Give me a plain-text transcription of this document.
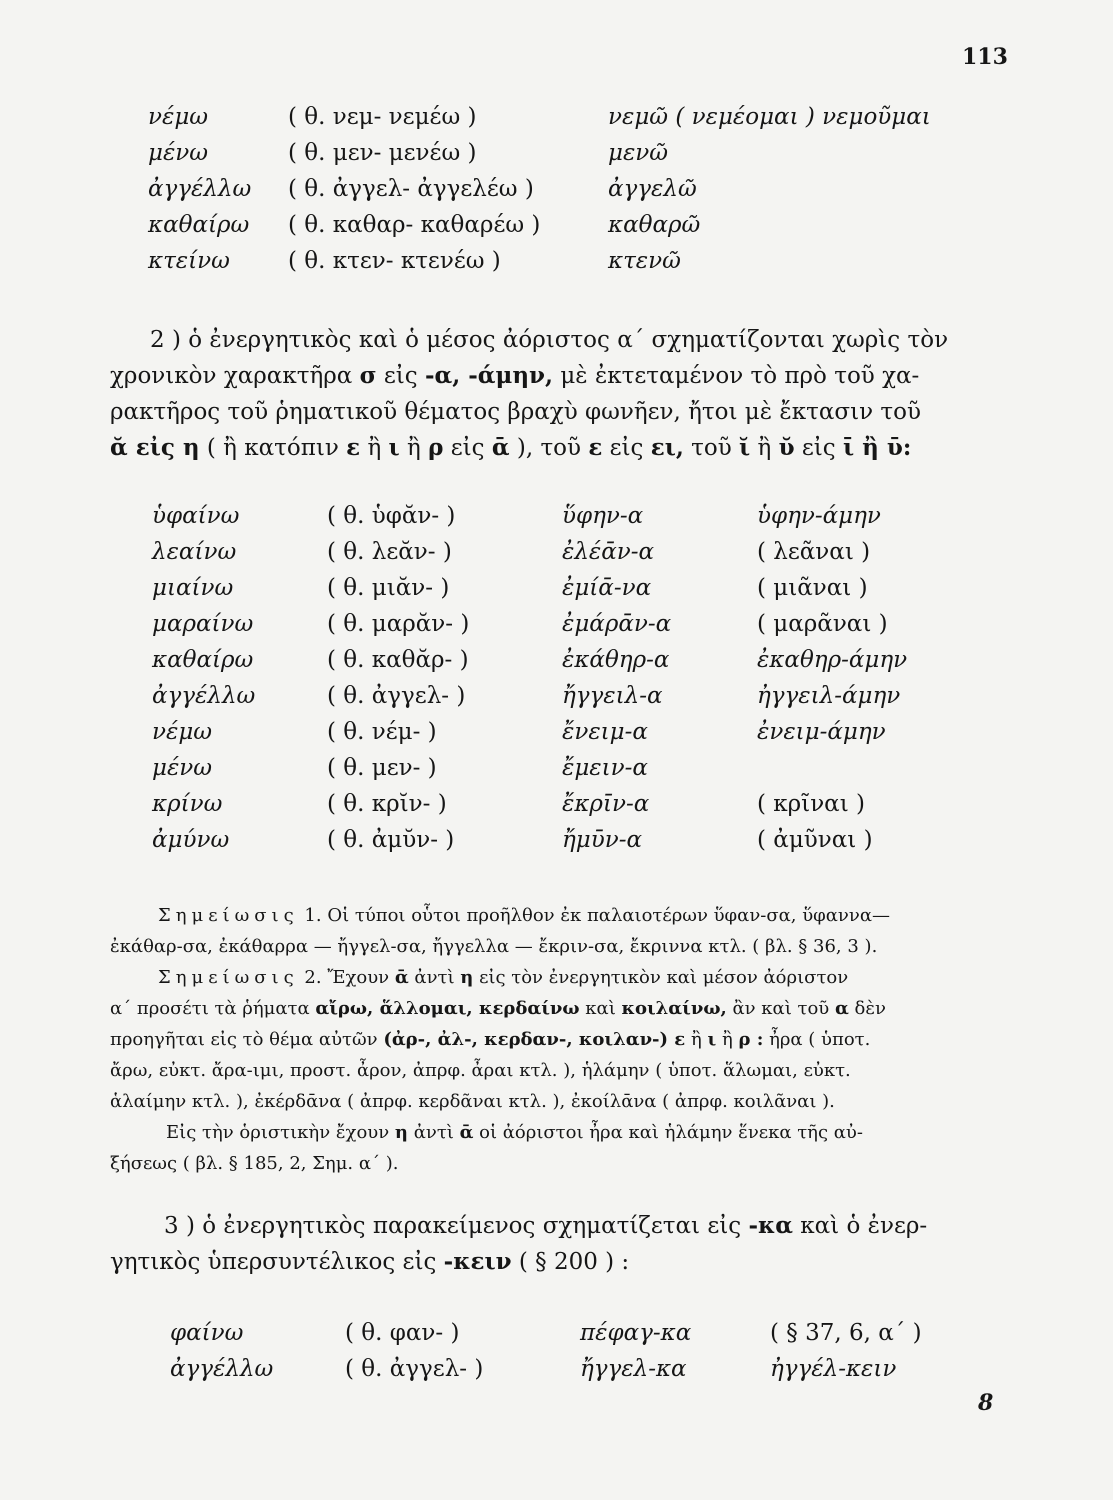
113
νέμω	( θ. νεμ- νεμέω )	νεμῶ ( νεμέομαι ) νεμοῦμαι
μένω	( θ. μεν- μενέω )	μενῶ
ἀγγέλλω ( θ. ἀγγελ- ἀγγελέω )	ἀγγελῶ
καθαίρω ( θ. καθαρ- καθαρέω )	καθαρῶ
κτείνω	( θ. κτεν- κτενέω )	κτενῶ

2 ) ὁ ἐνεργητικὸς καὶ ὁ μέσος ἀόριστος α΄ σχηματίζονται χωρὶς τὸν

χρονικὸν χαρακτῆρα σ εἰς -α, -άμην, μὲ ἐκτεταμένον τὸ πρὸ τοῦ χα-

ρακτῆρος τοῦ ῥηματικοῦ θέματος βραχὺ φωνῆεν, ἤτοι μὲ ἔκτασιν τοῦ

ᾰ εἰς η ( ἢ κατόπιν ε ἢ ι ἢ ρ εἰς ᾱ ), τοῦ ε εἰς ει, τοῦ ῐ ἢ ῠ εἰς ῑ ἢ ῡ:

ὑφαίνω	( θ. ὑφᾰν- )	ὕφην-α	ὑφην-άμην
λεαίνω	( θ. λεᾰν- )	ἐλέᾱν-α	( λεᾶναι )
μιαίνω	( θ. μιᾰν- )	ἐμίᾱ-να	( μιᾶναι )
μαραίνω	( θ. μαρᾰν- )	ἐμάρᾱν-α	( μαρᾶναι )
καθαίρω	( θ. καθᾰρ- )	ἐκάθηρ-α	ἐκαθηρ-άμην
ἀγγέλλω	( θ. ἀγγελ- )	ἤγγειλ-α	ἠγγειλ-άμην
νέμω	( θ. νέμ- )	ἔνειμ-α	ἐνειμ-άμην
μένω	( θ. μεν- )	ἔμειν-α
κρίνω	( θ. κρῐν- )	ἔκρῑν-α	( κρῖναι )
ἀμύνω	( θ. ἀμῠν- )	ἤμῡν-α	( ἀμῦναι )

Σημείωσις 1. Οἱ τύποι οὗτοι προῆλθον ἐκ παλαιοτέρων ὕφαν-σα, ὕφαννα—

ἐκάθαρ-σα, ἐκάθαρρα — ἤγγελ-σα, ἤγγελλα — ἔκριν-σα, ἔκριννα κτλ. ( βλ. § 36, 3 ).

Σημείωσις 2. Ἔχουν ᾱ ἀντὶ η εἰς τὸν ἐνεργητικὸν καὶ μέσον ἀόριστον

α΄ προσέτι τὰ ῥήματα αἴρω, ἅλλομαι, κερδαίνω καὶ κοιλαίνω, ἂν καὶ τοῦ α δὲν

προηγῆται εἰς τὸ θέμα αὐτῶν (ἀρ-, ἀλ-, κερδαν-, κοιλαν-) ε ἢ ι ἢ ρ : ἦρα ( ὑποτ.

ἄρω, εὐκτ. ἄρα-ιμι, προστ. ἆρον, ἀπρφ. ἆραι κτλ. ), ἡλάμην ( ὑποτ. ἅλωμαι, εὐκτ.

ἁλαίμην κτλ. ), ἐκέρδᾱνα ( ἀπρφ. κερδᾶναι κτλ. ), ἐκοίλᾱνα ( ἀπρφ. κοιλᾶναι ).

Εἰς τὴν ὁριστικὴν ἔχουν η ἀντὶ ᾱ οἱ ἀόριστοι ἦρα καὶ ἡλάμην ἕνεκα τῆς αὐ-

ξήσεως ( βλ. § 185, 2, Σημ. α΄ ).

3 ) ὁ ἐνεργητικὸς παρακείμενος σχηματίζεται εἰς -κα καὶ ὁ ἐνερ-

γητικὸς ὑπερσυντέλικος εἰς -κειν ( § 200 ) :

φαίνω	( θ. φαν- )	πέφαγ-κα	( § 37, 6, α΄ )
ἀγγέλλω	( θ. ἀγγελ- )	ἤγγελ-κα	ἠγγέλ-κειν
8
